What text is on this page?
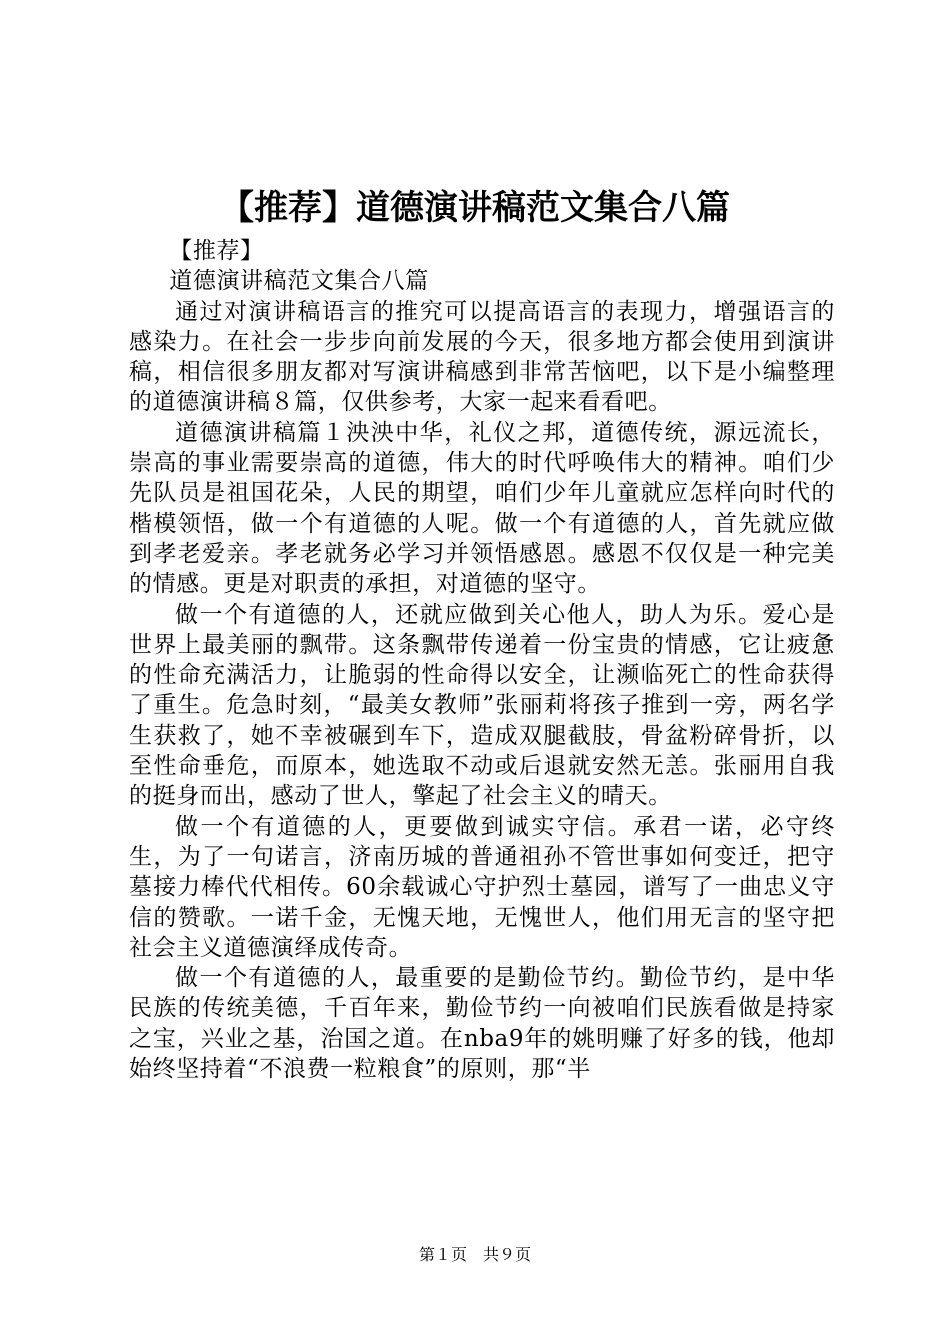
【推荐】道德演讲稿范文集合八篇

【推荐】

道德演讲稿范文集合八篇

通过对演讲稿语言的推究可以提高语言的表现力，增强语言的感染力。在社会一步步向前发展的今天，很多地方都会使用到演讲稿，相信很多朋友都对写演讲稿感到非常苦恼吧，以下是小编整理的道德演讲稿８篇，仅供参考，大家一起来看看吧。

道德演讲稿篇１泱泱中华，礼仪之邦，道德传统，源远流长，崇高的事业需要崇高的道德，伟大的时代呼唤伟大的精神。咱们少先队员是祖国花朵，人民的期望，咱们少年儿童就应怎样向时代的楷模领悟，做一个有道德的人呢。做一个有道德的人，首先就应做到孝老爱亲。孝老就务必学习并领悟感恩。感恩不仅仅是一种完美的情感。更是对职责的承担，对道德的坚守。

做一个有道德的人，还就应做到关心他人，助人为乐。爱心是世界上最美丽的飘带。这条飘带传递着一份宝贵的情感，它让疲惫的性命充满活力，让脆弱的性命得以安全，让濒临死亡的性命获得了重生。危急时刻，“最美女教师”张丽莉将孩子推到一旁，两名学生获救了，她不幸被碾到车下，造成双腿截肢，骨盆粉碎骨折，以至性命垂危，而原本，她选取不动或后退就安然无恙。张丽用自我的挺身而出，感动了世人，擎起了社会主义的晴天。

做一个有道德的人，更要做到诚实守信。承君一诺，必守终生，为了一句诺言，济南历城的普通祖孙不管世事如何变迁，把守墓接力棒代代相传。60余载诚心守护烈士墓园，谱写了一曲忠义守信的赞歌。一诺千金，无愧天地，无愧世人，他们用无言的坚守把社会主义道德演绎成传奇。

做一个有道德的人，最重要的是勤俭节约。勤俭节约，是中华民族的传统美德，千百年来，勤俭节约一向被咱们民族看做是持家之宝，兴业之基，治国之道。在nba9年的姚明赚了好多的钱，他却始终坚持着“不浪费一粒粮食”的原则，那“半

第１页　共９页
